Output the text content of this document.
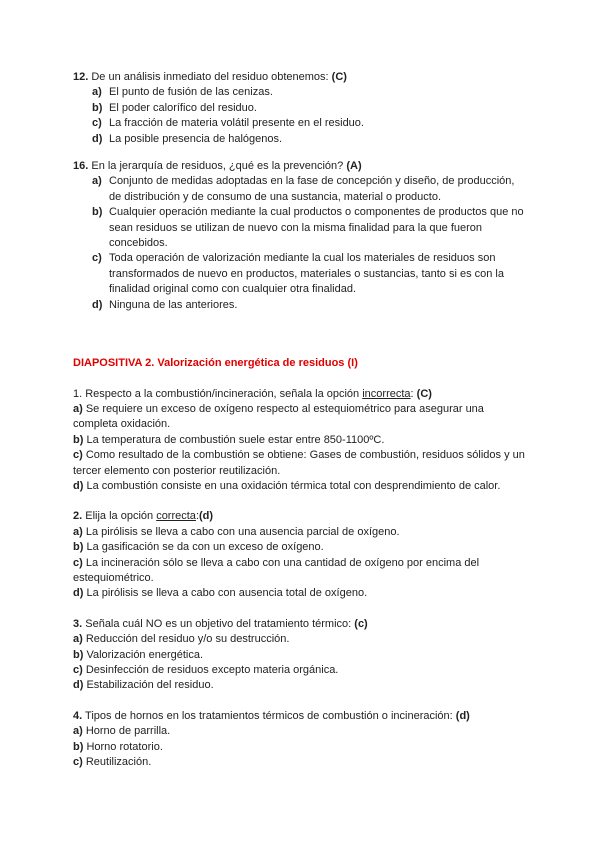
12. De un análisis inmediato del residuo obtenemos: (C)
a) El punto de fusión de las cenizas.
b) El poder calorífico del residuo.
c) La fracción de materia volátil presente en el residuo.
d) La posible presencia de halógenos.
16. En la jerarquía de residuos, ¿qué es la prevención? (A)
a) Conjunto de medidas adoptadas en la fase de concepción y diseño, de producción,
de distribución y de consumo de una sustancia, material o producto.
b) Cualquier operación mediante la cual productos o componentes de productos que no
sean residuos se utilizan de nuevo con la misma finalidad para la que fueron
concebidos.
c) Toda operación de valorización mediante la cual los materiales de residuos son
transformados de nuevo en productos, materiales o sustancias, tanto si es con la
finalidad original como con cualquier otra finalidad.
d) Ninguna de las anteriores.
DIAPOSITIVA 2. Valorización energética de residuos (I)
1. Respecto a la combustión/incineración, señala la opción incorrecta: (C)
a) Se requiere un exceso de oxígeno respecto al estequiométrico para asegurar una
completa oxidación.
b) La temperatura de combustión suele estar entre 850-1100ºC.
c) Como resultado de la combustión se obtiene: Gases de combustión, residuos sólidos y un
tercer elemento con posterior reutilización.
d) La combustión consiste en una oxidación térmica total con desprendimiento de calor.
2. Elija la opción correcta:(d)
a) La pirólisis se lleva a cabo con una ausencia parcial de oxígeno.
b) La gasificación se da con un exceso de oxígeno.
c) La incineración sólo se lleva a cabo con una cantidad de oxígeno por encima del
estequiométrico.
d) La pirólisis se lleva a cabo con ausencia total de oxígeno.
3. Señala cuál NO es un objetivo del tratamiento térmico: (c)
a) Reducción del residuo y/o su destrucción.
b) Valorización energética.
c) Desinfección de residuos excepto materia orgánica.
d) Estabilización del residuo.
4. Tipos de hornos en los tratamientos térmicos de combustión o incineración: (d)
a) Horno de parrilla.
b) Horno rotatorio.
c) Reutilización.
